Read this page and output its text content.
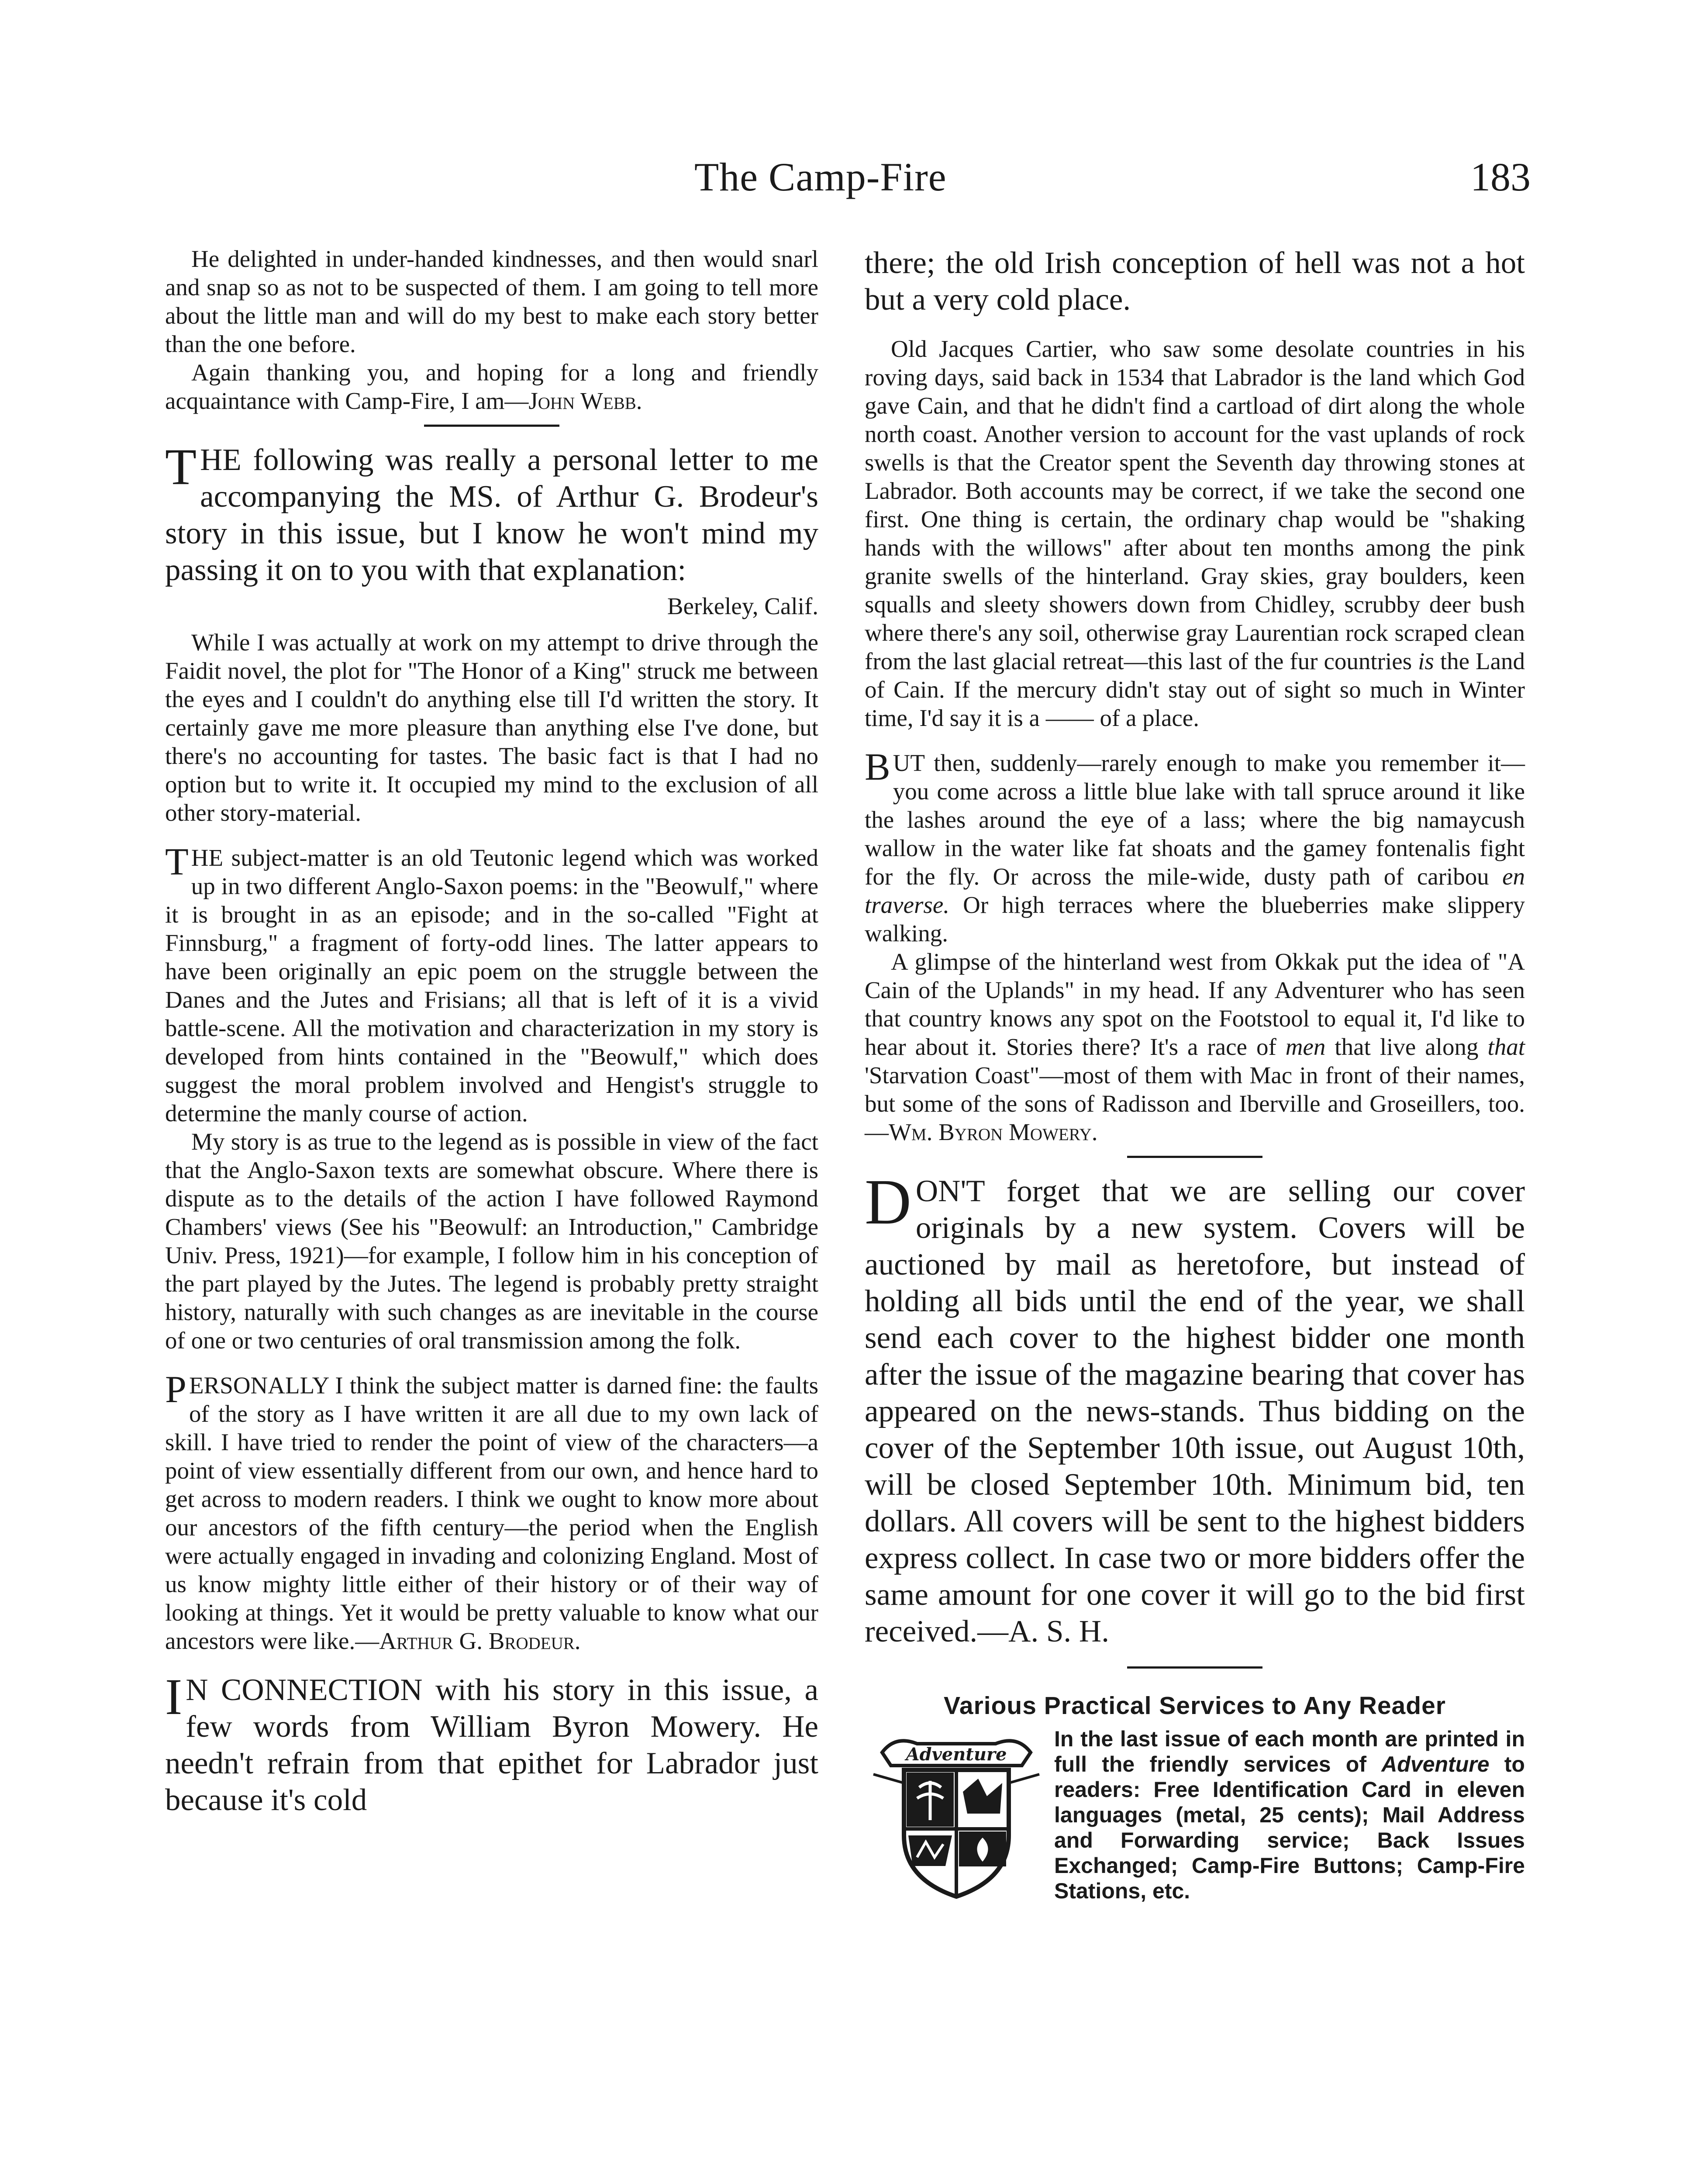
The Camp-Fire	183

He delighted in under-handed kindnesses, and then would snarl and snap so as not to be suspected of them. I am going to tell more about the little man and will do my best to make each story better than the one before.

Again thanking you, and hoping for a long and friendly acquaintance with Camp-Fire, I am—John Webb.

THE following was really a personal letter to me accompanying the MS. of Arthur G. Brodeur's story in this issue, but I know he won't mind my passing it on to you with that explanation:

Berkeley, Calif.

While I was actually at work on my attempt to drive through the Faidit novel, the plot for "The Honor of a King" struck me between the eyes and I couldn't do anything else till I'd written the story. It certainly gave me more pleasure than anything else I've done, but there's no accounting for tastes. The basic fact is that I had no option but to write it. It occupied my mind to the exclusion of all other story-material.

THE subject-matter is an old Teutonic legend which was worked up in two different Anglo-Saxon poems: in the "Beowulf," where it is brought in as an episode; and in the so-called "Fight at Finnsburg," a fragment of forty-odd lines. The latter appears to have been originally an epic poem on the struggle between the Danes and the Jutes and Frisians; all that is left of it is a vivid battle-scene. All the motivation and characterization in my story is developed from hints contained in the "Beowulf," which does suggest the moral problem involved and Hengist's struggle to determine the manly course of action.

My story is as true to the legend as is possible in view of the fact that the Anglo-Saxon texts are somewhat obscure. Where there is dispute as to the details of the action I have followed Raymond Chambers' views (See his "Beowulf: an Introduction," Cambridge Univ. Press, 1921)—for example, I follow him in his conception of the part played by the Jutes. The legend is probably pretty straight history, naturally with such changes as are inevitable in the course of one or two centuries of oral transmission among the folk.

PERSONALLY I think the subject matter is darned fine: the faults of the story as I have written it are all due to my own lack of skill. I have tried to render the point of view of the characters—a point of view essentially different from our own, and hence hard to get across to modern readers. I think we ought to know more about our ancestors of the fifth century—the period when the English were actually engaged in invading and colonizing England. Most of us know mighty little either of their history or of their way of looking at things. Yet it would be pretty valuable to know what our ancestors were like.—Arthur G. Brodeur.

I N CONNECTION with his story in this issue, a few words from William Byron Mowery. He needn't refrain from that epithet for Labrador just because it's cold

there; the old Irish conception of hell was not a hot but a very cold place.

Old Jacques Cartier, who saw some desolate countries in his roving days, said back in 1534 that Labrador is the land which God gave Cain, and that he didn't find a cartload of dirt along the whole north coast. Another version to account for the vast uplands of rock swells is that the Creator spent the Seventh day throwing stones at Labrador. Both accounts may be correct, if we take the second one first. One thing is certain, the ordinary chap would be "shaking hands with the willows" after about ten months among the pink granite swells of the hinterland. Gray skies, gray boulders, keen squalls and sleety showers down from Chidley, scrubby deer bush where there's any soil, otherwise gray Laurentian rock scraped clean from the last glacial retreat—this last of the fur countries is the Land of Cain. If the mercury didn't stay out of sight so much in Winter time, I'd say it is a —— of a place.

BUT then, suddenly—rarely enough to make you remember it—you come across a little blue lake with tall spruce around it like the lashes around the eye of a lass; where the big namaycush wallow in the water like fat shoats and the gamey fontenalis fight for the fly. Or across the mile-wide, dusty path of caribou en traverse. Or high terraces where the blueberries make slippery walking.

A glimpse of the hinterland west from Okkak put the idea of "A Cain of the Uplands" in my head. If any Adventurer who has seen that country knows any spot on the Footstool to equal it, I'd like to hear about it. Stories there? It's a race of men that live along that 'Starvation Coast"—most of them with Mac in front of their names, but some of the sons of Radisson and Iberville and Groseillers, too.—Wm. Byron Mowery.

DON'T forget that we are selling our cover originals by a new system. Covers will be auctioned by mail as heretofore, but instead of holding all bids until the end of the year, we shall send each cover to the highest bidder one month after the issue of the magazine bearing that cover has appeared on the news-stands. Thus bidding on the cover of the September 10th issue, out August 10th, will be closed September 10th. Minimum bid, ten dollars. All covers will be sent to the highest bidders express collect. In case two or more bidders offer the same amount for one cover it will go to the bid first received.—A. S. H.

Various Practical Services to Any Reader
Adventure
In the last issue of each month are printed in full the friendly services of Adventure to readers: Free Identification Card in eleven languages (metal, 25 cents); Mail Address and Forwarding service; Back Issues Exchanged; Camp-Fire Buttons; Camp-Fire Stations, etc.
